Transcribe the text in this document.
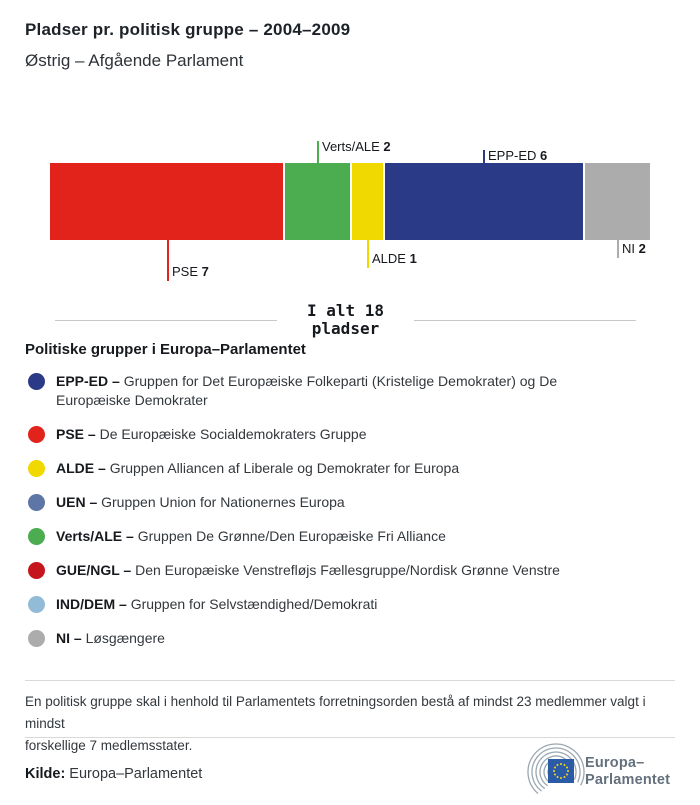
Pladser pr. politisk gruppe – 2004–2009
Østrig – Afgående Parlament
PSE 7
Verts/ALE 2
ALDE 1
EPP-ED 6
NI 2
I alt 18
pladser
Politiske grupper i Europa–Parlamentet
EPP-ED – Gruppen for Det Europæiske Folkeparti (Kristelige Demokrater) og De Europæiske Demokrater
PSE – De Europæiske Socialdemokraters Gruppe
ALDE – Gruppen Alliancen af Liberale og Demokrater for Europa
UEN – Gruppen Union for Nationernes Europa
Verts/ALE – Gruppen De Grønne/Den Europæiske Fri Alliance
GUE/NGL – Den Europæiske Venstrefløjs Fællesgruppe/Nordisk Grønne Venstre
IND/DEM – Gruppen for Selvstændighed/Demokrati
NI – Løsgængere
En politisk gruppe skal i henhold til Parlamentets forretningsorden bestå af mindst 23 medlemmer valgt i mindst
forskellige 7 medlemsstater.
Kilde: Europa–Parlamentet
Europa–
Parlamentet
